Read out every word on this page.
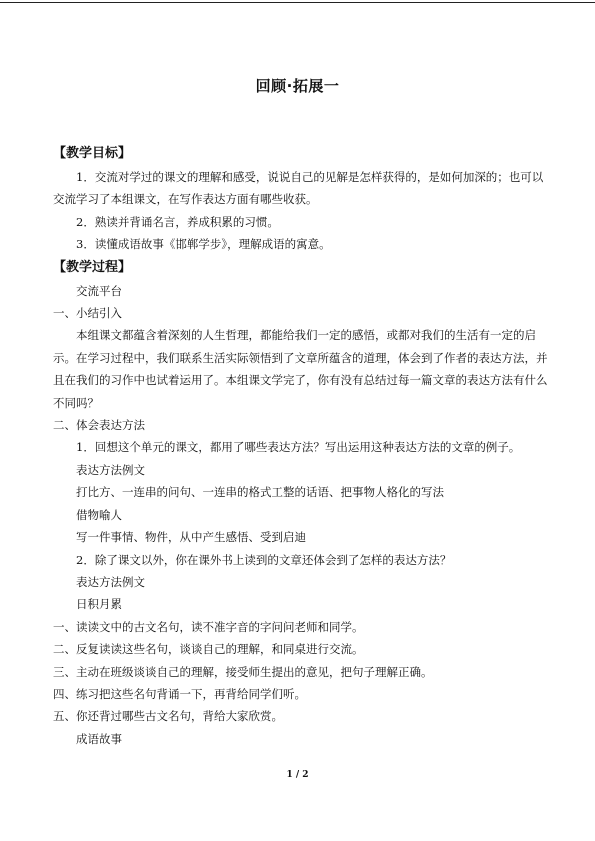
回顾·拓展一
【教学目标】

1．交流对学过的课文的理解和感受，说说自己的见解是怎样获得的，是如何加深的；也可以交流学习了本组课文，在写作表达方面有哪些收获。

2．熟读并背诵名言，养成积累的习惯。

3．读懂成语故事《邯郸学步》，理解成语的寓意。

【教学过程】

交流平台

一、小结引入

本组课文都蕴含着深刻的人生哲理，都能给我们一定的感悟，或都对我们的生活有一定的启示。在学习过程中，我们联系生活实际领悟到了文章所蕴含的道理，体会到了作者的表达方法，并且在我们的习作中也试着运用了。本组课文学完了，你有没有总结过每一篇文章的表达方法有什么不同吗？

二、体会表达方法

1．回想这个单元的课文，都用了哪些表达方法？写出运用这种表达方法的文章的例子。

表达方法例文

打比方、一连串的问句、一连串的格式工整的话语、把事物人格化的写法

借物喻人

写一件事情、物件，从中产生感悟、受到启迪

2．除了课文以外，你在课外书上读到的文章还体会到了怎样的表达方法？

表达方法例文

日积月累

一、读读文中的古文名句，读不准字音的字问问老师和同学。

二、反复读读这些名句，谈谈自己的理解，和同桌进行交流。

三、主动在班级谈谈自己的理解，接受师生提出的意见，把句子理解正确。

四、练习把这些名句背诵一下，再背给同学们听。

五、你还背过哪些古文名句，背给大家欣赏。

成语故事

1 / 2
